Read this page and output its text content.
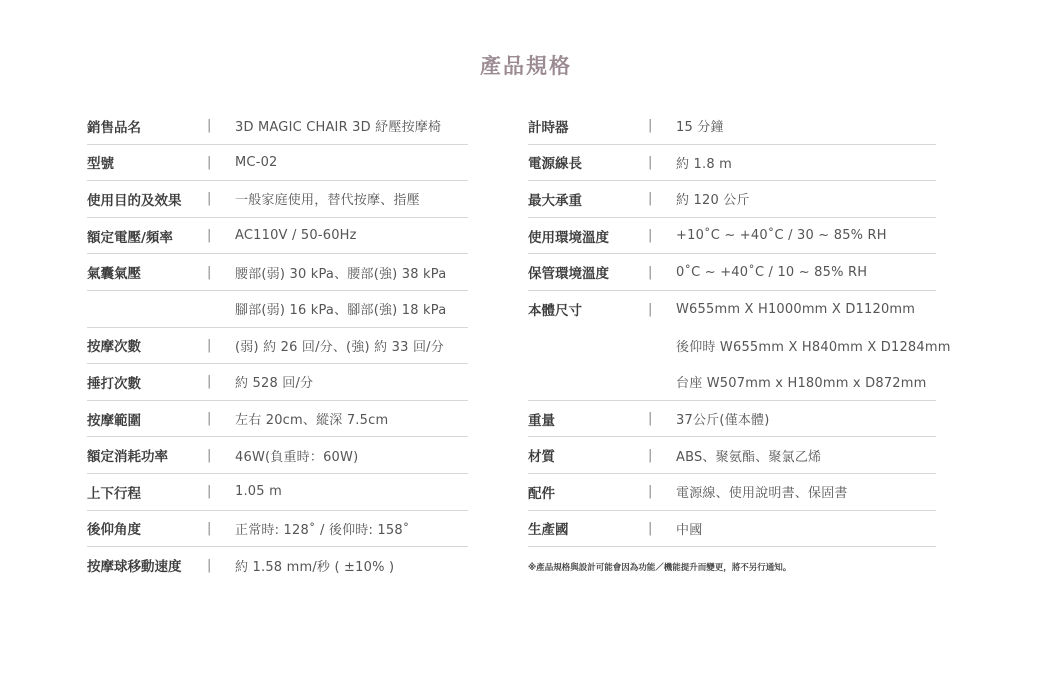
產品規格
銷售品名	|	3D MAGIC CHAIR 3D 紓壓按摩椅
型號	|	MC-02
使用目的及效果	|	一般家庭使用，替代按摩、指壓
額定電壓/頻率	|	AC110V / 50-60Hz
氣囊氣壓	|	腰部(弱) 30 kPa、腰部(強) 38 kPa
腳部(弱) 16 kPa、腳部(強) 18 kPa
按摩次數	|	(弱) 約 26 回/分、(強) 約 33 回/分
捶打次數	|	約 528 回/分
按摩範圍	|	左右 20cm、縱深 7.5cm
額定消耗功率	|	46W(負重時：60W)
上下行程	|	1.05 m
後仰角度	|	正常時: 128˚ / 後仰時: 158˚
按摩球移動速度	|	約 1.58 mm/秒 ( ±10% )
計時器	|	15 分鐘
電源線長	|	約 1.8 m
最大承重	|	約 120 公斤
使用環境溫度	|	+10˚C ~ +40˚C / 30 ~ 85% RH
保管環境溫度	|	0˚C ~ +40˚C / 10 ~ 85% RH
本體尺寸	|	W655mm X H1000mm X D1120mm
後仰時 W655mm X H840mm X D1284mm
台座 W507mm x H180mm x D872mm
重量	|	37公斤(僅本體)
材質	|	ABS、聚氨酯、聚氯乙烯
配件	|	電源線、使用說明書、保固書
生產國	|	中國
※產品規格與設計可能會因為功能／機能提升而變更，將不另行通知。
